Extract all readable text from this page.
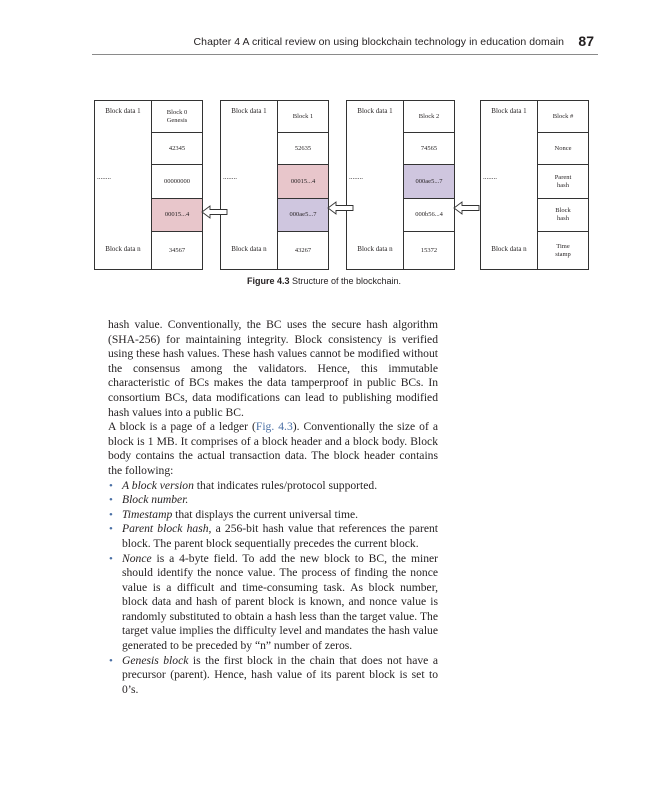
Chapter 4 A critical review on using blockchain technology in education domain 87
Block data 1
........
Block data n
Block 0
Genesis
42345
00000000
00015...4
34567
Block data 1
........
Block data n
Block 1
52635
00015...4
000ae5...7
43267
Block data 1
........
Block data n
Block 2
74565
000ae5...7
000b56...4
15372
Block data 1
........
Block data n
Block #
Nonce
Parent
hash
Block
hash
Time
stamp
Figure 4.3 Structure of the blockchain.

hash value. Conventionally, the BC uses the secure hash algorithm (SHA-256) for maintaining integrity. Block consistency is verified using these hash values. These hash values cannot be modified without the consensus among the validators. Hence, this immutable characteristic of BCs makes the data tamperproof in public BCs. In consortium BCs, data modifications can lead to publishing modified hash values into a public BC.

A block is a page of a ledger (Fig. 4.3). Conventionally the size of a block is 1 MB. It comprises of a block header and a block body. Block body contains the actual transaction data. The block header contains the following:

• A block version that indicates rules/protocol supported.
• Block number.
• Timestamp that displays the current universal time.
• Parent block hash, a 256-bit hash value that references the parent block. The parent block sequentially precedes the current block.
• Nonce is a 4-byte field. To add the new block to BC, the miner should identify the nonce value. The process of finding the nonce value is a difficult and time-consuming task. As block number, block data and hash of parent block is known, and nonce value is randomly substituted to obtain a hash less than the target value. The target value implies the difficulty level and mandates the hash value generated to be preceded by “n” number of zeros.
• Genesis block is the first block in the chain that does not have a precursor (parent). Hence, hash value of its parent block is set to 0’s.
